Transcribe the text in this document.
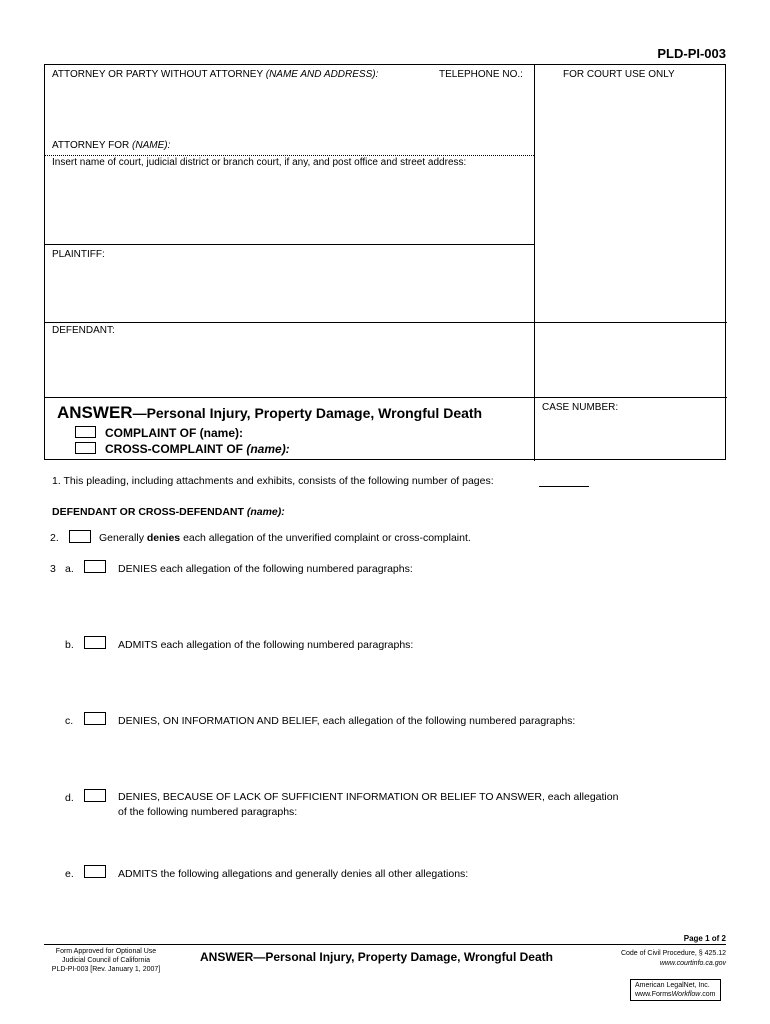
PLD-PI-003
ATTORNEY OR PARTY WITHOUT ATTORNEY (NAME AND ADDRESS):	TELEPHONE NO.:	FOR COURT USE ONLY
ATTORNEY FOR (NAME):
Insert name of court, judicial district or branch court, if any, and post office and street address:
PLAINTIFF:
DEFENDANT:
CASE NUMBER:
ANSWER—Personal Injury, Property Damage, Wrongful Death
COMPLAINT OF (name):
CROSS-COMPLAINT OF (name):
1. This pleading, including attachments and exhibits, consists of the following number of pages:
DEFENDANT OR CROSS-DEFENDANT (name):
2.	Generally denies each allegation of the unverified complaint or cross-complaint.
3 a.	DENIES each allegation of the following numbered paragraphs:
b.	ADMITS each allegation of the following numbered paragraphs:
c.	DENIES, ON INFORMATION AND BELIEF, each allegation of the following numbered paragraphs:
d.	DENIES, BECAUSE OF LACK OF SUFFICIENT INFORMATION OR BELIEF TO ANSWER, each allegation
of the following numbered paragraphs:
e.	ADMITS the following allegations and generally denies all other allegations:
Page 1 of 2
Form Approved for Optional Use
Judicial Council of California
PLD-PI-003 [Rev. January 1, 2007]
ANSWER—Personal Injury, Property Damage, Wrongful Death	Code of Civil Procedure, § 425.12
www.courtinfo.ca.gov
American LegalNet, Inc.
www.FormsWorkflow.com
